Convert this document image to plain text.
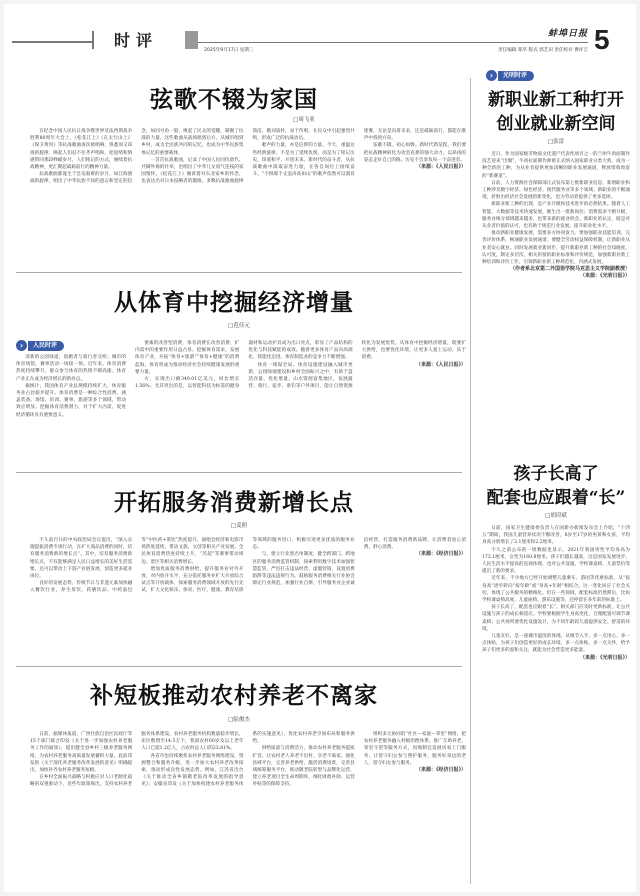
时评
2025年9月17日 星期三
蚌埠日报
责任编辑 郑华 版式 郭艺田 责任校对 曹祥吉 5
弦歌不辍为家国
□周飞亚

在纪念中国人民抗日战争暨世界反法西斯战争胜利80周年大会上，《松花江上》《在太行山上》《保卫黄河》等抗战歌曲再次被唱响，熟悉而又昂扬的旋律，唤起人们忍不住齐声唱和，把思绪和情感带回那段峥嵘岁月，人们铭记的方式，赓续着抗战精神，更汇聚起砥砺前行的精神力量。

抗战歌曲都诞生于急迫艰难的岁月。如江海汹涌的旋律，唱出了中华民族不屈的意志和坚定的信念，如同号角一般，唤起了民众的觉醒，凝聚了抗战的力量。这些歌曲从战场唱到后方，从城市唱到乡村，成为全民族共同的记忆，也成为中华民族集体记忆的重要载体。

一首首抗战歌曲，记录了中国人民同仇敌忾、共御外侮的壮举，也唱出了中华儿女同气连枝的家国情怀。《松花江上》倾诉着对东北家乡的怀念，也表达出对日本侵略者的激愤。多数抗战歌曲旋律简洁、歌词质朴，易于传唱，在民众中引起强烈共鸣，形成广泛的抗战动员。

歌声的力量，亦是信仰的力量。今天，重温这些经典旋律，不是为了延续仇恨，而是为了铭记历史、珍爱和平、开创未来。新时代的奋斗者，从抗战歌曲中汲取奋进力量，在各自岗位上接续奋斗。“不惧那千丈浪涛高如山”的歌声依然可以润育迷雾，无论是向着未来，还是砥砺前行，都能在歌声中找到方向。

弦歌不辍，初心如磐。新时代新征程，我们要把抗战精神转化为攻坚克难的强大动力，以昂扬的姿态走好自己的路。历史不会辜负每一个奋进者。

（来源：《人民日报》）
从体育中挖掘经济增量
□范佳元
›	人民时评

清新的公园绿道，晨跑者与骑行者交织；城市的体育场馆，赛事活动一场接一场。近年来，体育消费热度持续攀升，群众参与体育的热情不断高涨，体育产业正在成为经济增长的新亮点。

据统计，我国体育产业总规模持续扩大，体育服务业占比稳步提升。体育消费是一种综合性消费，涵盖装备、场馆、培训、赛事、旅游等多个领域，带动效应明显。挖掘体育消费潜力，对于扩大内需、促进经济循环具有重要意义。

要素的改善型消费，体育消费在改善消费、扩内需中的重要作用日益凸显。挖掘体育需求，发展体育产业，开拓“体育+旅游”“体育+健康”的消费蓝海，体育将成为推动经济社会持续健康发展的重要力量。

方，实现出口额349.01亿美元，同比增长1.56%。尤其突出的是，以智能科技为标签的健身器材和运动护具成为出口亮点，彰显了产品结构的优化与科技赋能的成效。随着更多体育产品向高端化、智能化迈进，体育制造业的竞争力不断增强。

体育一域谋全局。体育设施建设融入城市更新，公园绿地建设和乡村全面振兴之中，有助于盘活存量、优化增量。山水资源富集地区，发展露营、骑行、徒步、垂钓等户外项目，能让自然资源转化为发展优势。从体育中挖掘经济增量，既要扩大供给，也要优化环境，让更多人爱上运动、乐于消费。

（来源：《人民日报》）
开拓服务消费新增长点
□姜照

不久前召开的中央政治局会议提出，“深入实施提振消费专项行动，在扩大商品消费的同时，培育服务消费新的增长点”。其中，培育服务消费新增长点，不仅能够满足人民日益增长的美好生活需要，还可以带动上下游产业链发展，创造更多就业岗位。

良好的发展态势，传统节日与非遗元素加快融入餐饮行业，养生茶饮、药膳饮品、中药面包等“中医药+茶饮”热度提升，演唱会经济和电影市场热度延续，带动文旅、文创等相关产业发展。全民体育消费热度持续上升，“苏超”等赛事带动周边、景区等相关消费增长。

增加优质服务消费供给，提升服务业对外开放，对内放开水平，充分依托服务业扩大开放综合试点等开放载体，探索服务消费领域开放的先行先试，扩大文化娱乐、体育、医疗、健康、教育培训等领域的服务进口，积极引进更多优质的服务业态。

与，建立行业黑名单制度，健全跨部门、跨地区的服务消费监管机制，探索利用数字技术加强智慧监管，严厉打击违法经营、虚假营销，设置消费陷阱等违法违规行为。鼓励服务消费相关行业协会制定行业规范，加强行业自律，引导服务业企业诚信经营，打造服务消费新品牌，让消费者放心消费、舒心消费。

（来源：《经济日报》）
补短板推动农村养老不离家
□陆俊杰

日前，据媒体报道，广西壮族自治区民政厅等15个部门联合印发《关于进一步加强农村养老服务工作的通知》，提出健全县乡村三级养老服务网络，为农村养老服务高质量发展蓄积力量。此前印发的《关于深化养老服务改革发展的意见》明确提出，加快补齐农村养老服务短板。

在乡村全面振兴战略与积极应对人口老龄化战略的双重驱动下，近些年政策频出，支持农村养老服务体系建设。农村养老服务机构数量稳步增长，床位数增至14.5万个，我国农村60岁及以上老年人口已超1.2亿人，占农村总人口的23.81%。

各省市也持续聚焦农村养老服务网络建设，资源整合和服务升级，进一步加大农村养老改革探索，推动形成良性发展态势。例如，江苏省出台《关于推动全省乡镇敬老院改革发展的指导意见》；安徽省印发《关于加快构建农村养老服务体系的实施意见》，优化农村养老空间布局和服务供给。

供给质量与消费活力，推动农村养老服务提质扩容，让农村老人养老不出村、享老不离家。强化县域平台，完善养老供给，激活消费场景，完善县域统筹服务平台，推动敬老院转型与品牌化运营，建立养老项目全生命周期库，细化财政补助、运营补贴等的保障支持。

组织多元协同的“社区—家庭—邻里”网络，把农村养老服务融入村级治理体系，推广互助养老、邻里守望等服务方式，因地制宜发展居家上门服务，让留守妇女参与照护服务，服务好身边的老人，留守妇女参与服务。

（来源：《经济日报》）
›	光明时评
新职业新工种打开
创业就业新空间
□张雷

近日，作为国家级非物质文化遗产代表性项目之一的兰州牛肉面制作技艺迎来“出圈”，牛肉拉面制作师被正式纳入国家职业分类大典，成为一种全新的工种，为从业者提供更加清晰的职业发展通道，释放增收致富的“新赛道”。

日前，人力资源社会保障部正式发布第七批新职业信息，新增职业和工种涉及数字经济、绿色经济、现代服务业等多个领域。新职业的不断涌现，折射出经济社会发展的新变化，也为劳动者提供了更多选择。

新职业新工种的出现，是产业升级和技术进步的必然结果。随着人工智能、大数据等技术快速发展，催生出一批新岗位；消费需求不断升级，服务业细分领域越来越多，也带来新的就业机会。新职业的认定，既是对从业者价值的认可，也有助于规范行业发展、提升职业化水平。

推动新职业健康发展，需要多方协同发力。要加强职业技能培训，完善评价体系，畅通职业发展通道；要健全劳动权益保障机制，让新职业从业者安心就业。同时发展就业新同步，提升新职业新工种的社会知晓度、认可度，制定多层次、相关衔接的职业标准和评价规范，加强新职业新工种培训和评价工作，引领新职业新工种规范化、内涵式发展。

（作者系北京第二外国语学院马克思主义学院副教授）
（来源：《光明日报》）
孩子长高了
配套也应跟着“长”
□胡印斌

日前，国家卫生健康委负责人在国新办新闻发布会上介绍，“十四五”期间，我国儿童营养状况不断改善，6岁至17岁的男孩和女孩，平均身高分别增长了2.1厘米和2.2厘米。

不久之前公布的一组数据也显示，2021年我国男性平均身高为172.1厘米，女性为160.8厘米。孩子们越长越高，这是国家发展进步、人民生活水平提高的直观体现，也对公共设施、学校课桌椅、儿童票价等提出了新的要求。

近年来，不少地方已经开始调整儿童乘车、游园等优惠标准，从“按身高”逐步转向“按年龄”或“身高+年龄”相结合。这一变化回应了社会关切，体现了公共服务的精细化。但在一些领域，配套标准仍然滞后，比如学校课桌椅高度、儿童座椅、游乐设施等，还停留在多年前的标准上。

孩子长高了，配套也应跟着“长”。相关部门应及时更新标准，让公共设施与孩子的成长相适应。学校要根据学生身高变化，合理配置可调节课桌椅；公共场所要优化设施设计，为不同年龄段儿童提供安全、舒适的环境。

儿童友好，是一座城市温度的体现。从细节入手，多一点用心、多一点体贴，为孩子们创造更好的成长环境，多一点体贴，多一点关怀，给予孩子们更多的爱和关注，就能为社会营造更多能量。

（来源：《光明日报》）
